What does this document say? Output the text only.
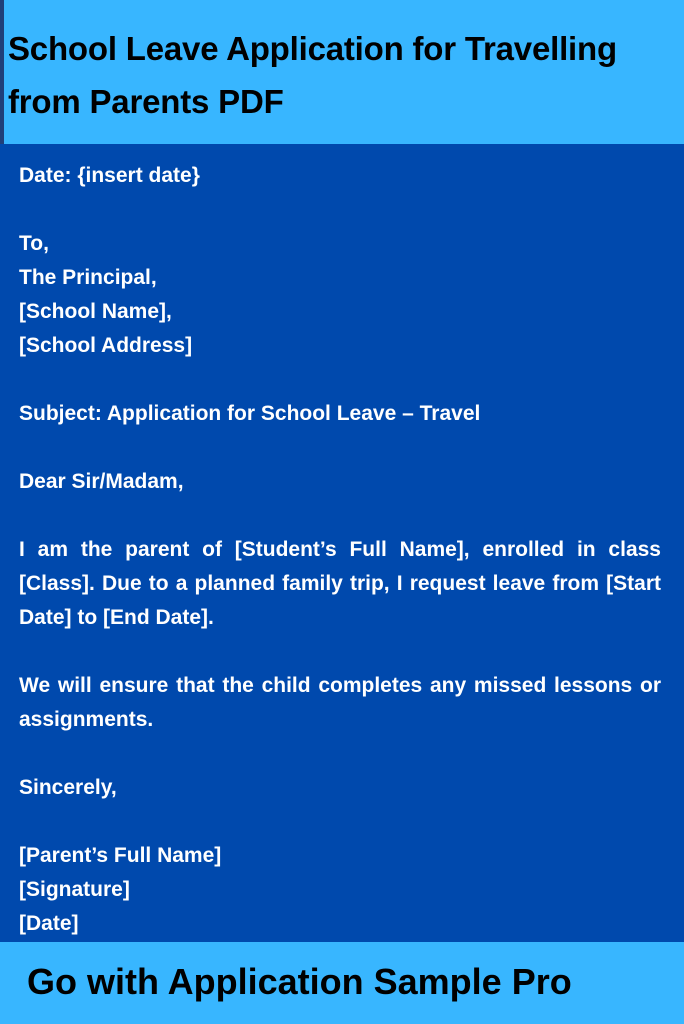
School Leave Application for Travelling from Parents PDF
Date: {insert date}
To,
The Principal,
[School Name],
[School Address]
Subject: Application for School Leave – Travel
Dear Sir/Madam,
I am the parent of [Student’s Full Name], enrolled in class [Class]. Due to a planned family trip, I request leave from [Start Date] to [End Date].
We will ensure that the child completes any missed lessons or assignments.
Sincerely,
[Parent’s Full Name]
[Signature]
[Date]
Go with Application Sample Pro
